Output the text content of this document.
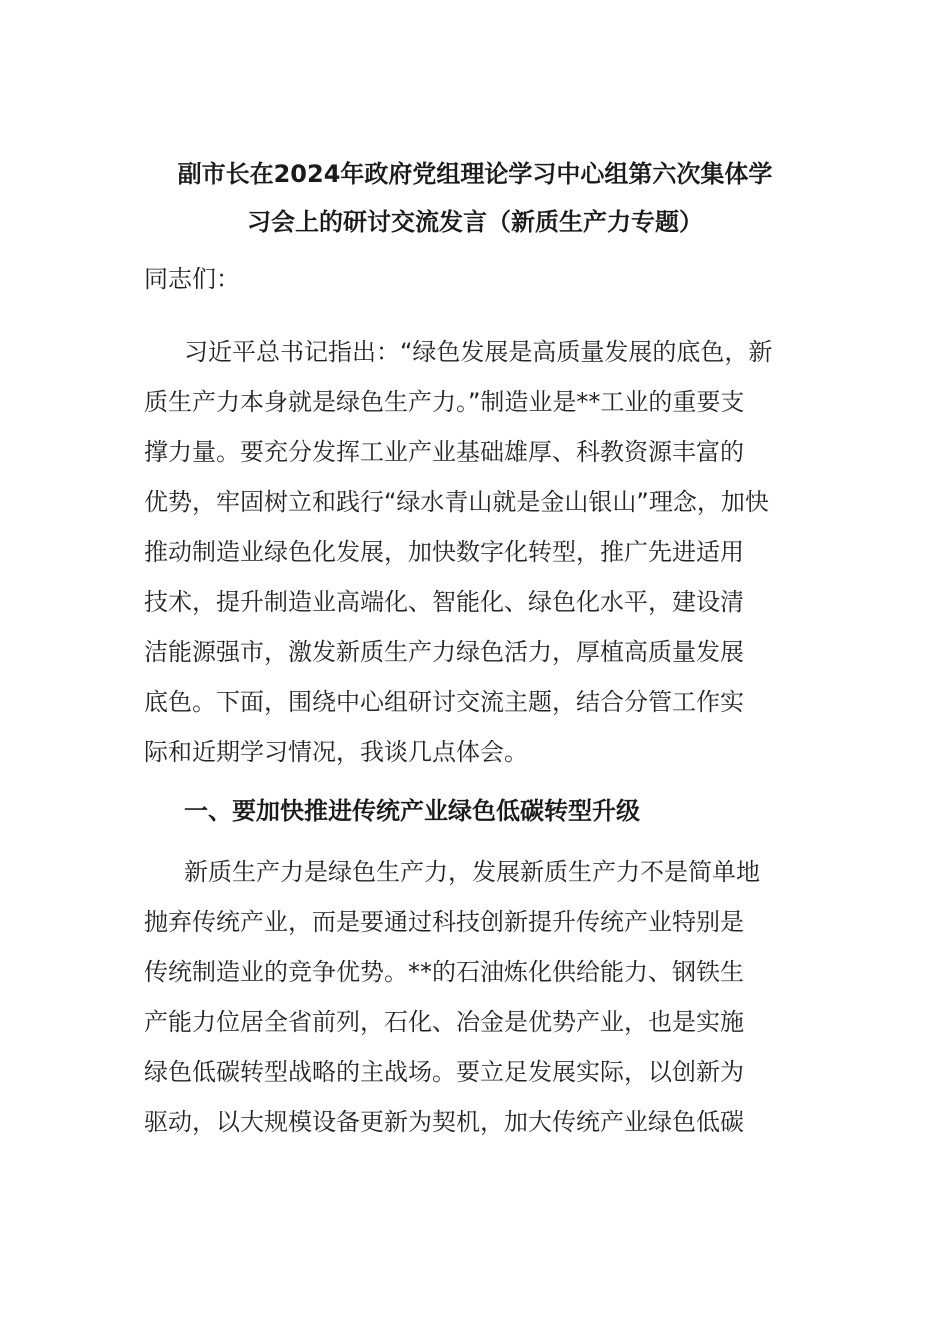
副市长在2024年政府党组理论学习中心组第六次集体学
习会上的研讨交流发言（新质生产力专题）

同志们：

习近平总书记指出：“绿色发展是高质量发展的底色，新
质生产力本身就是绿色生产力。”制造业是**工业的重要支
撑力量。要充分发挥工业产业基础雄厚、科教资源丰富的
优势，牢固树立和践行“绿水青山就是金山银山”理念，加快
推动制造业绿色化发展，加快数字化转型，推广先进适用
技术，提升制造业高端化、智能化、绿色化水平，建设清
洁能源强市，激发新质生产力绿色活力，厚植高质量发展
底色。下面，围绕中心组研讨交流主题，结合分管工作实
际和近期学习情况，我谈几点体会。
一、要加快推进传统产业绿色低碳转型升级
新质生产力是绿色生产力，发展新质生产力不是简单地
抛弃传统产业，而是要通过科技创新提升传统产业特别是
传统制造业的竞争优势。**的石油炼化供给能力、钢铁生
产能力位居全省前列，石化、冶金是优势产业，也是实施
绿色低碳转型战略的主战场。要立足发展实际，以创新为
驱动，以大规模设备更新为契机，加大传统产业绿色低碳
